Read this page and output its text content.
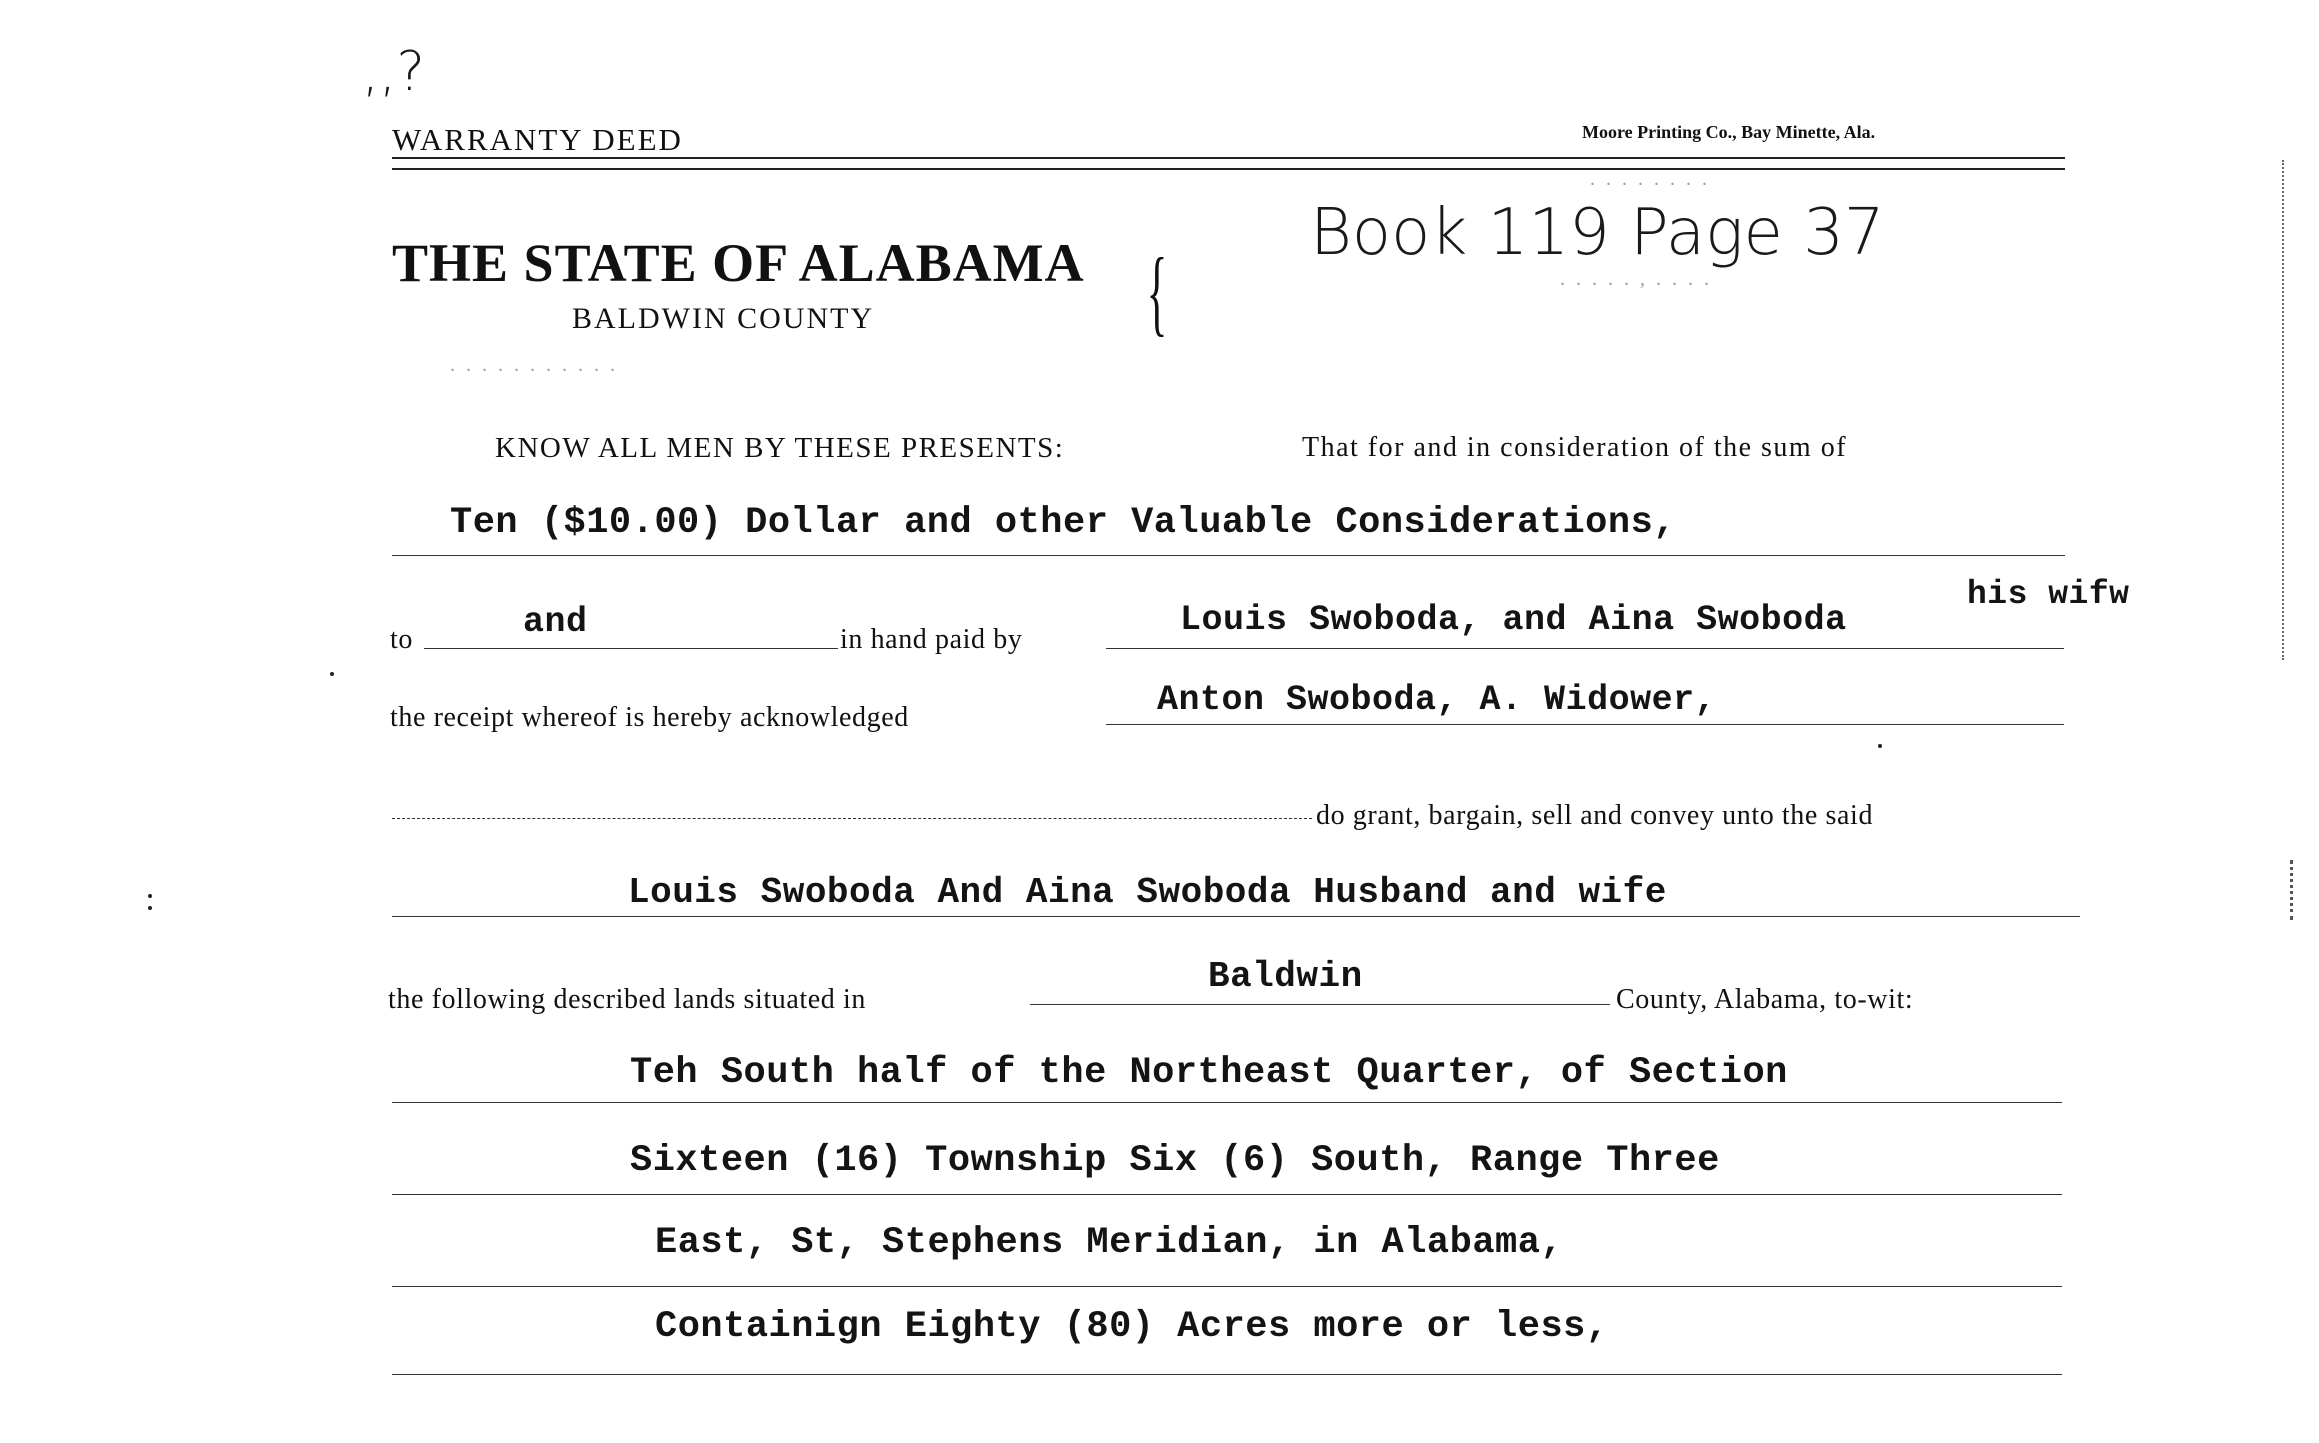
,,?
WARRANTY DEED	Moore Printing Co., Bay Minette, Ala.
. . . . . . . .
THE STATE OF ALABAMA {
BALDWIN COUNTY
Book 119 Page 37
. . . . . , . . . .
. . . . . . . . . . .
KNOW ALL MEN BY THESE PRESENTS:	That for and in consideration of the sum of
Ten ($10.00) Dollar and other Valuable Considerations,
to	and	in hand paid by	Louis Swoboda, and Aina Swoboda
his wifw
the receipt whereof is hereby acknowledged	Anton Swoboda, A. Widower,
do grant, bargain, sell and convey unto the said
Louis Swoboda And Aina Swoboda Husband and wife
the following described lands situated in
Baldwin
County, Alabama, to-wit:
Teh South half of the Northeast Quarter, of Section
Sixteen (16) Township Six (6) South, Range Three
East, St, Stephens Meridian, in Alabama,
Containign Eighty (80) Acres more or less,
